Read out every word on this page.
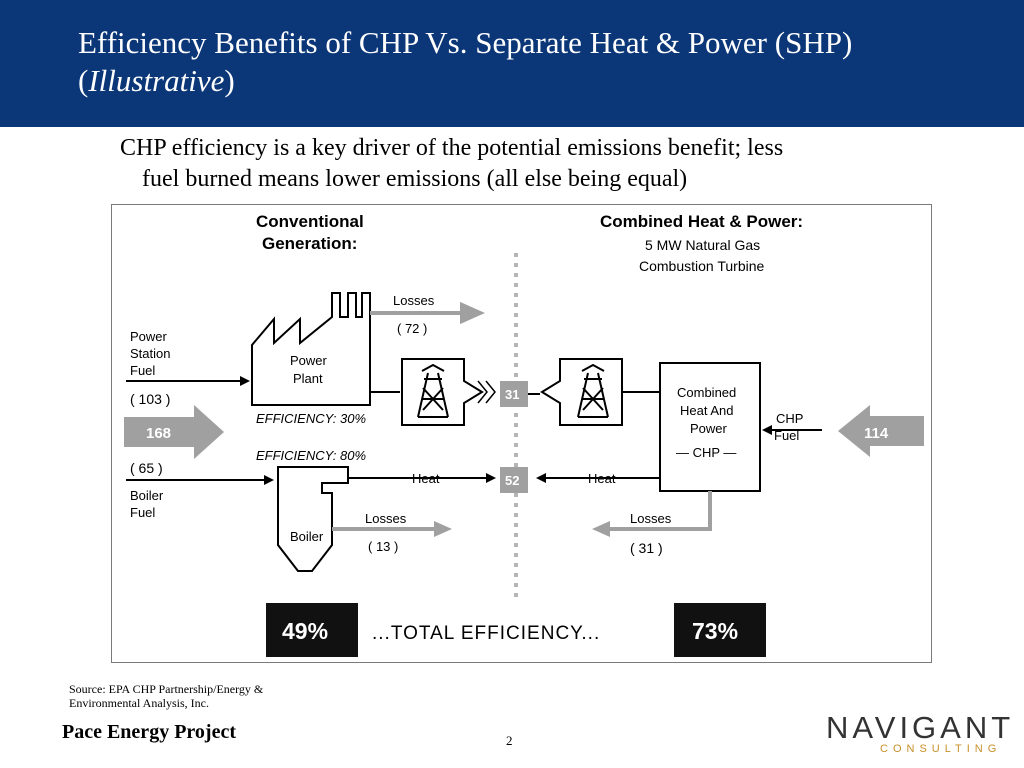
Efficiency Benefits of CHP Vs. Separate Heat & Power (SHP)
(Illustrative)
CHP efficiency is a key driver of the potential emissions benefit; less
fuel burned means lower emissions (all else being equal)
Conventional
Generation:
Combined Heat & Power:
5 MW Natural Gas
Combustion Turbine
Power
Station
Fuel
( 103 )
168
( 65 )
Boiler
Fuel
Power
Plant
EFFICIENCY: 30%
Losses
( 72 )
31	Combined
Heat And
Power
— CHP —
CHP
Fuel	114
EFFICIENCY: 80%
Boiler
Heat	52	Heat
Losses
( 13 )
Losses
( 31 )
49% ...TOTAL EFFICIENCY...	73%
Source: EPA CHP Partnership/Energy &
Environmental Analysis, Inc.
Pace Energy Project	2	NAVIGANT
CONSULTING
